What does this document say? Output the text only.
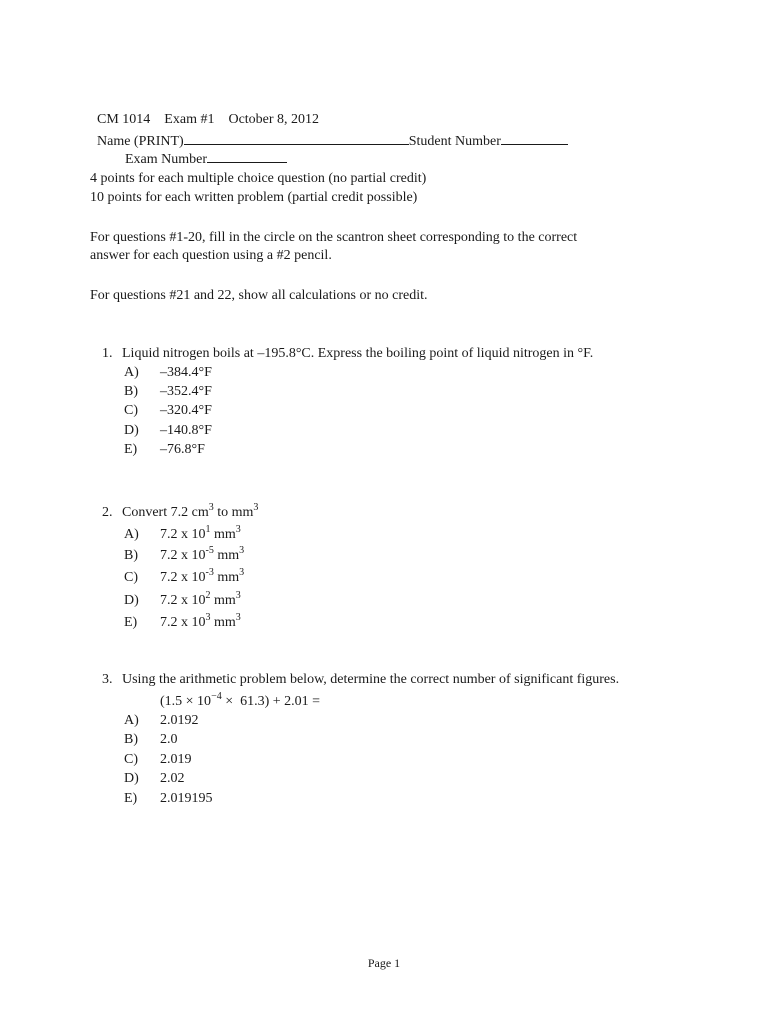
CM 1014 Exam #1 October 8, 2012

Name (PRINT)	Student Number

Exam Number

4 points for each multiple choice question (no partial credit)
10 points for each written problem (partial credit possible)
For questions #1-20, fill in the circle on the scantron sheet corresponding to the correct
answer for each question using a #2 pencil.
For questions #21 and 22, show all calculations or no credit.
1. Liquid nitrogen boils at –195.8°C. Express the boiling point of liquid nitrogen in °F.
A) –384.4°F
B) –352.4°F
C) –320.4°F
D) –140.8°F
E) –76.8°F
2. Convert 7.2 $cm^3$ to $mm^3$
A) 7.2 x $10^1$ $mm^3$
B) 7.2 x $10^{-5}$ $mm^3$
C) 7.2 x $10^{-3}$ $mm^3$
D) 7.2 x $10^2$ $mm^3$
E) 7.2 x $10^3$ $mm^3$
3. Using the arithmetic problem below, determine the correct number of significant figures.
$(1.5 \times 10^{-4} \times 61.3) + 2.01$ =
A) 2.0192
B) 2.0
C) 2.019
D) 2.02
E) 2.019195
Page 1
